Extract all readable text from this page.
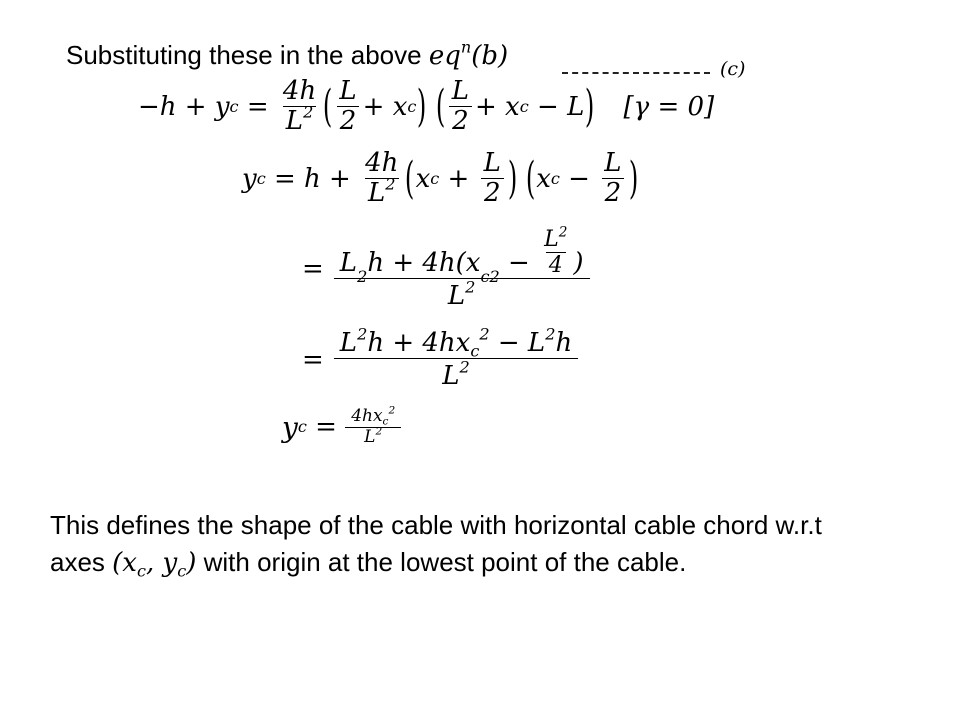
Substituting these in the above $eq^n(b)$	(c)
−h + y $c = \frac{4h}{L^2}$ ( $\frac{L}{2} + x$ c ) ( $\frac{L}{2} + x$ c − L ) [γ = 0]
y $c = h + \frac{4h}{L^2}$ ( x $c + \frac{L}{2}$ ) ( x $c - \frac{L}{2}$ )
= L 2 h + 4h(x c $2 - \frac{L^2}{4}$ )
$L^2$
= $\frac{L^2h + 4hx_c^2 - L^2h}{L^2}$
y $c = \frac{4hx_c^2}{L^2}$
This defines the shape of the cable with horizontal cable chord w.r.t
axes ($x_c$, $y_c$) with origin at the lowest point of the cable.
